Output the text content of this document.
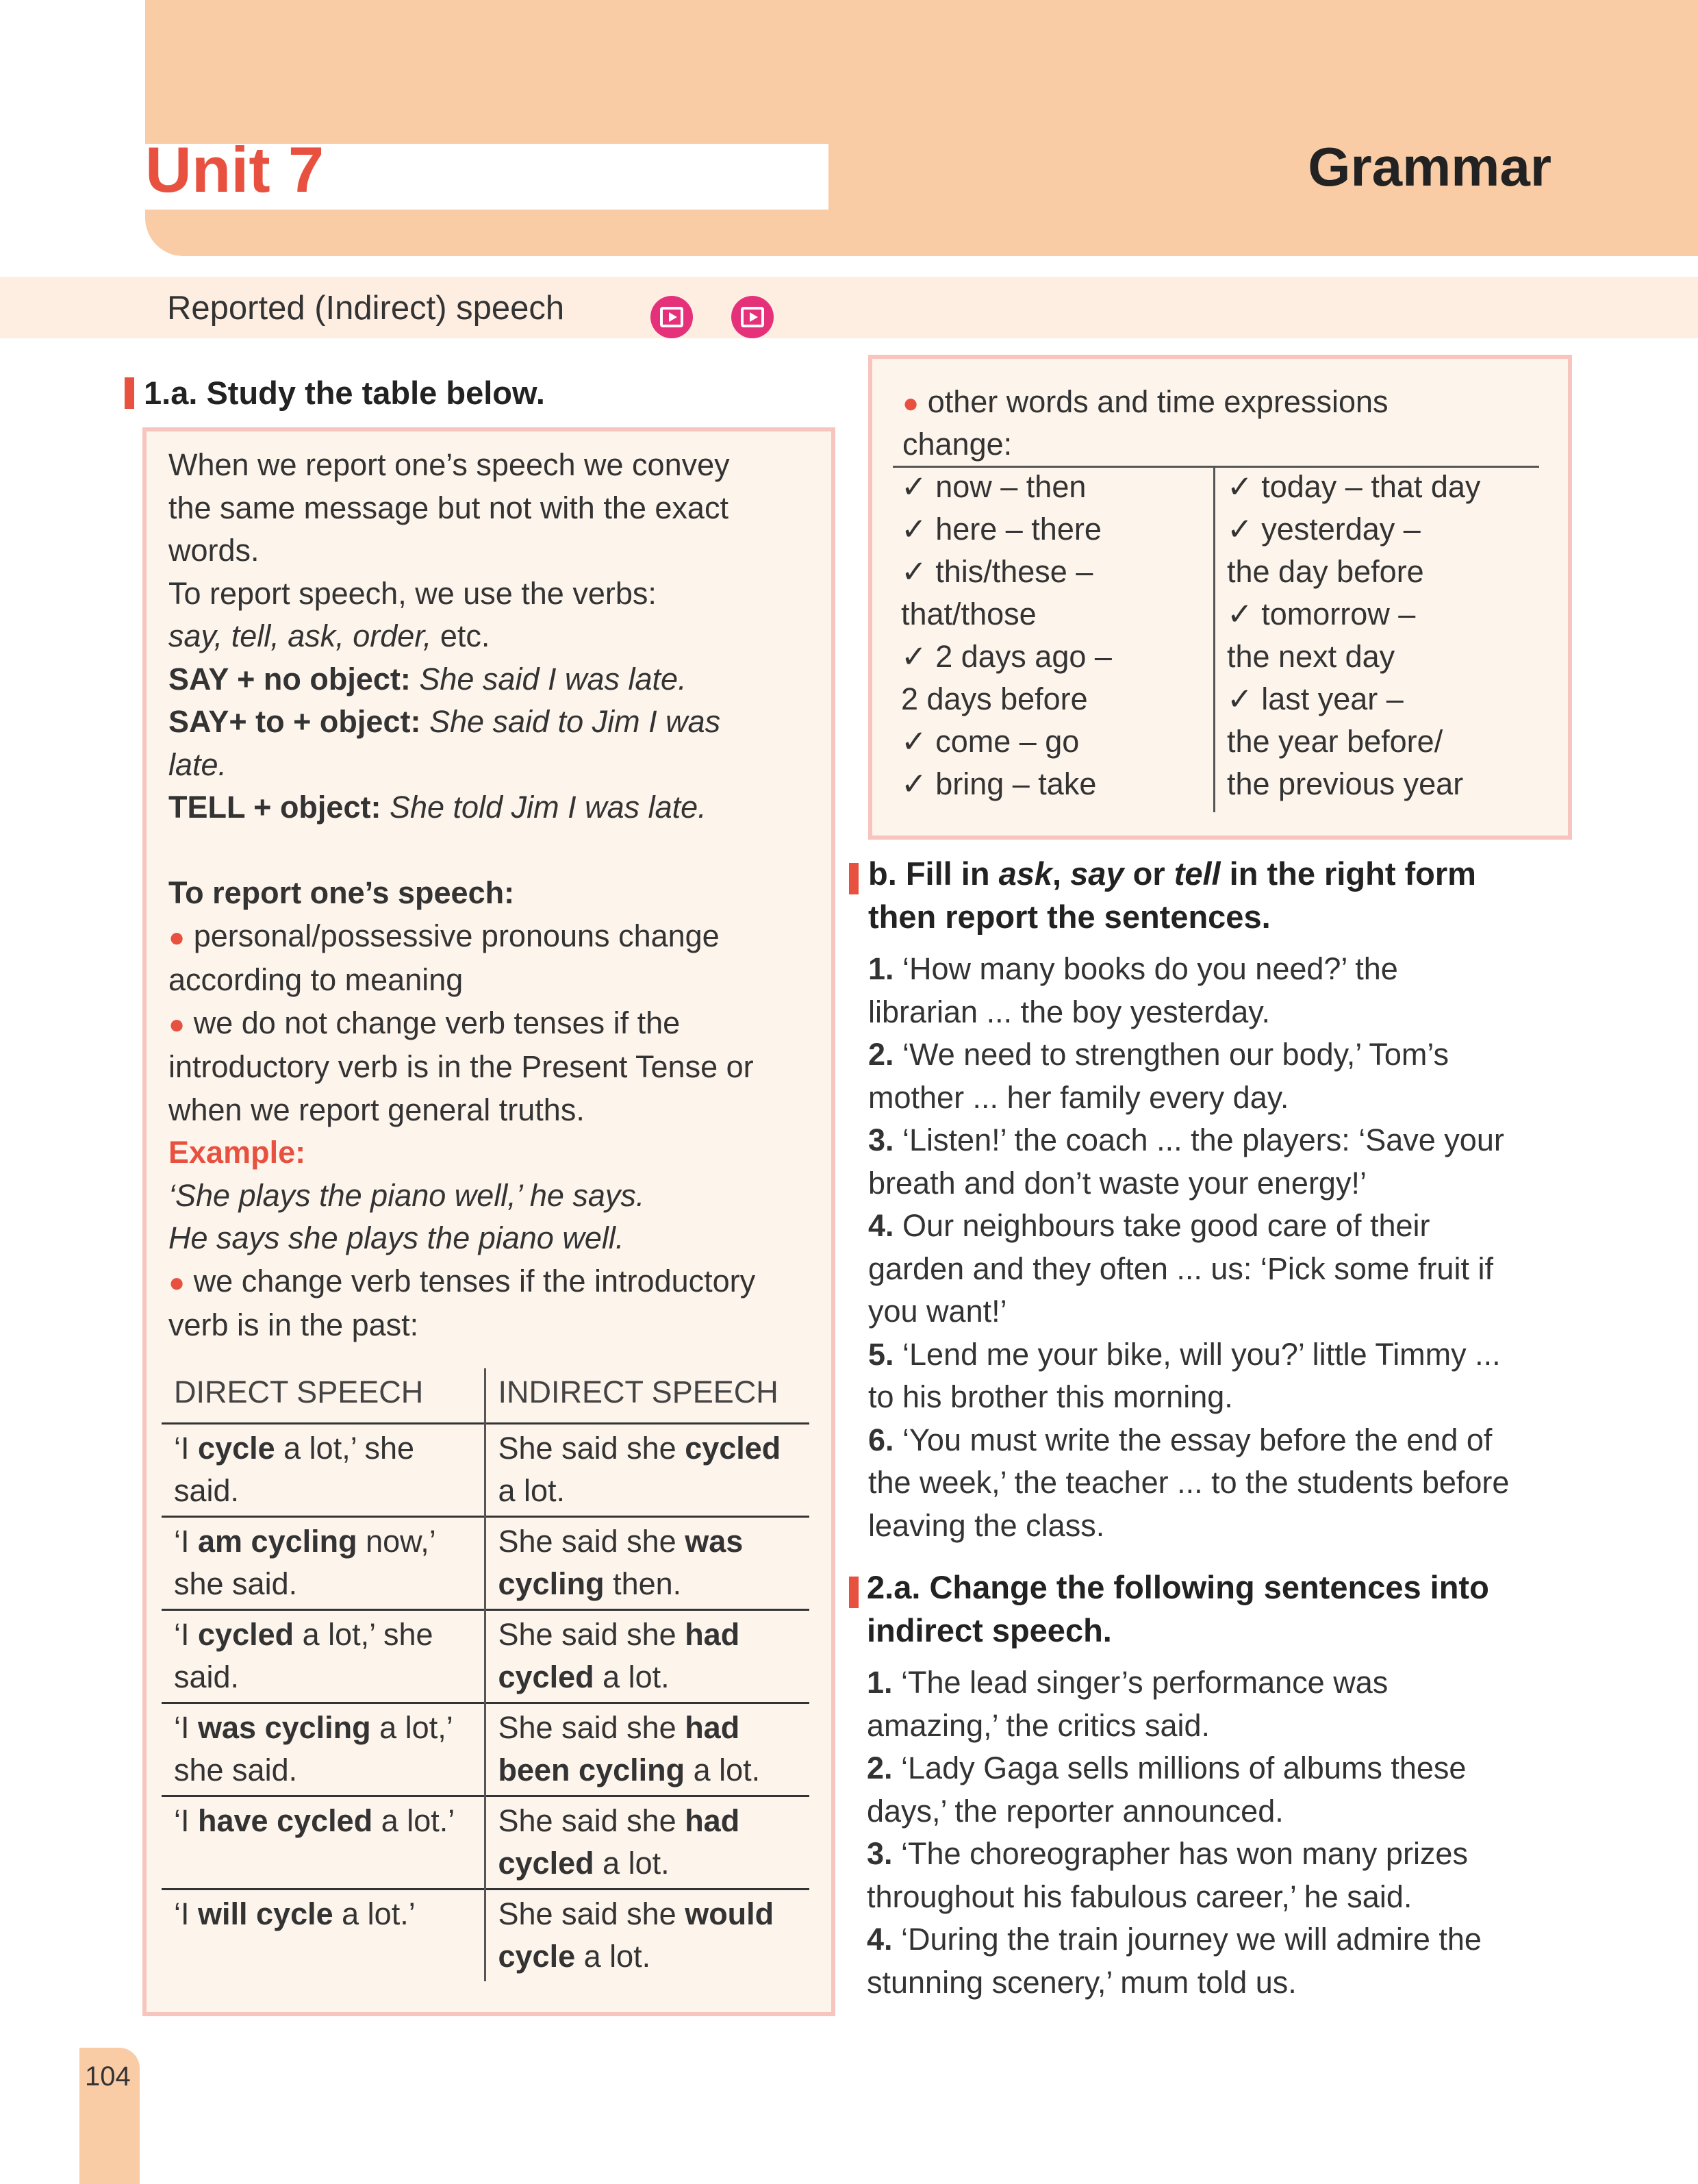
Unit 7	Grammar
Reported (Indirect) speech
1.a. Study the table below.
When we report one’s speech we convey
the same message but not with the exact
words.
To report speech, we use the verbs:
say, tell, ask, order, etc.
SAY + no object: She said I was late.
SAY+ to + object: She said to Jim I was
late.
TELL + object: She told Jim I was late.
To report one’s speech:
● personal/possessive pronouns change
according to meaning
● we do not change verb tenses if the
introductory verb is in the Present Tense or
when we report general truths.
Example:
‘She plays the piano well,’ he says.
He says she plays the piano well.
● we change verb tenses if the introductory
verb is in the past:
DIRECT SPEECH	INDIRECT SPEECH
‘I cycle a lot,’ she said.	She said she cycled a lot.
‘I am cycling now,’ she said.	She said she was cycling then.
‘I cycled a lot,’ she said.	She said she had cycled a lot.
‘I was cycling a lot,’ she said.	She said she had been cycling a lot.
‘I have cycled a lot.’	She said she had cycled a lot.
‘I will cycle a lot.’	She said she would cycle a lot.
● other words and time expressions
change:
✓ now – then
✓ here – there
✓ this/these –
that/those
✓ 2 days ago –
2 days before
✓ come – go
✓ bring – take
✓ today – that day
✓ yesterday –
the day before
✓ tomorrow –
the next day
✓ last year –
the year before/
the previous year
b. Fill in ask, say or tell in the right form
then report the sentences.
1. ‘How many books do you need?’ the
librarian ... the boy yesterday.
2. ‘We need to strengthen our body,’ Tom’s
mother ... her family every day.
3. ‘Listen!’ the coach ... the players: ‘Save your
breath and don’t waste your energy!’
4. Our neighbours take good care of their
garden and they often ... us: ‘Pick some fruit if
you want!’
5. ‘Lend me your bike, will you?’ little Timmy ...
to his brother this morning.
6. ‘You must write the essay before the end of
the week,’ the teacher ... to the students before
leaving the class.
2.a. Change the following sentences into
indirect speech.
1. ‘The lead singer’s performance was
amazing,’ the critics said.
2. ‘Lady Gaga sells millions of albums these
days,’ the reporter announced.
3. ‘The choreographer has won many prizes
throughout his fabulous career,’ he said.
4. ‘During the train journey we will admire the
stunning scenery,’ mum told us.
104
